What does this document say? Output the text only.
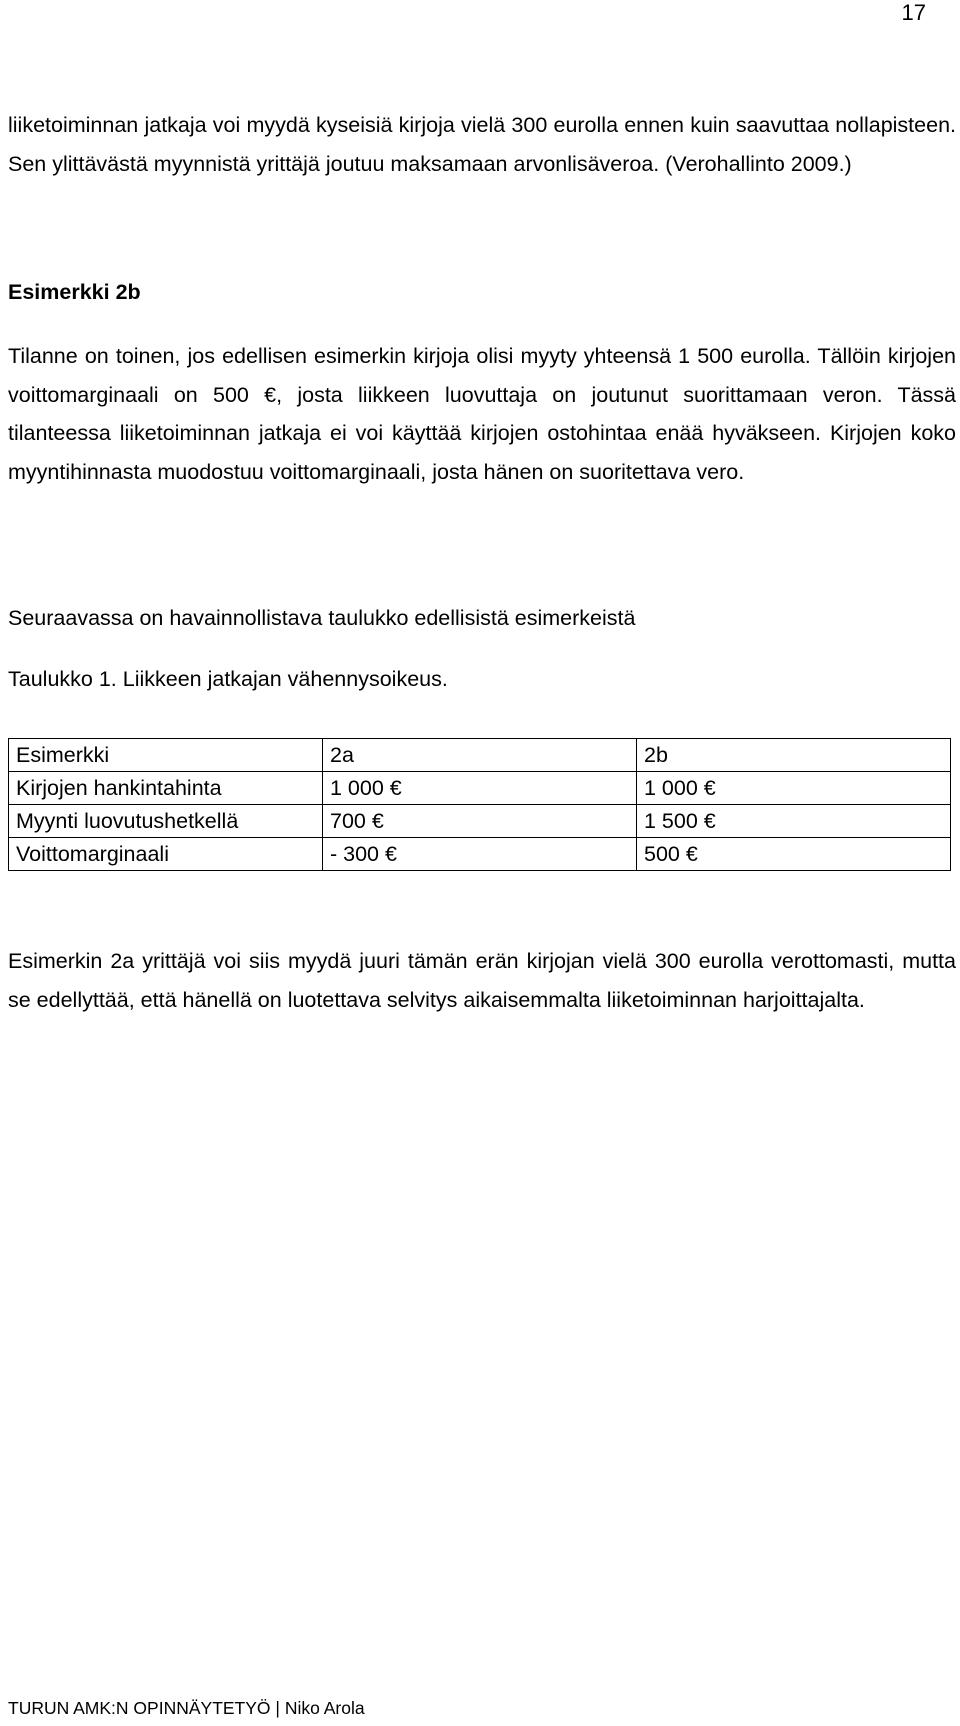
17

liiketoiminnan jatkaja voi myydä kyseisiä kirjoja vielä 300 eurolla ennen kuin saavuttaa nollapisteen. Sen ylittävästä myynnistä yrittäjä joutuu maksamaan arvonlisäveroa. (Verohallinto 2009.)

Esimerkki 2b

Tilanne on toinen, jos edellisen esimerkin kirjoja olisi myyty yhteensä 1 500 eurolla. Tällöin kirjojen voittomarginaali on 500 €, josta liikkeen luovuttaja on joutunut suorittamaan veron. Tässä tilanteessa liiketoiminnan jatkaja ei voi käyttää kirjojen ostohintaa enää hyväkseen. Kirjojen koko myyntihinnasta muodostuu voittomarginaali, josta hänen on suoritettava vero.

Seuraavassa on havainnollistava taulukko edellisistä esimerkeistä

Taulukko 1. Liikkeen jatkajan vähennysoikeus.

Esimerkki	2a	2b
Kirjojen hankintahinta	1 000 €	1 000 €
Myynti luovutushetkellä	700 €	1 500 €
Voittomarginaali	- 300 €	500 €

Esimerkin 2a yrittäjä voi siis myydä juuri tämän erän kirjojan vielä 300 eurolla verottomasti, mutta se edellyttää, että hänellä on luotettava selvitys aikaisemmalta liiketoiminnan harjoittajalta.

TURUN AMK:N OPINNÄYTETYÖ | Niko Arola
